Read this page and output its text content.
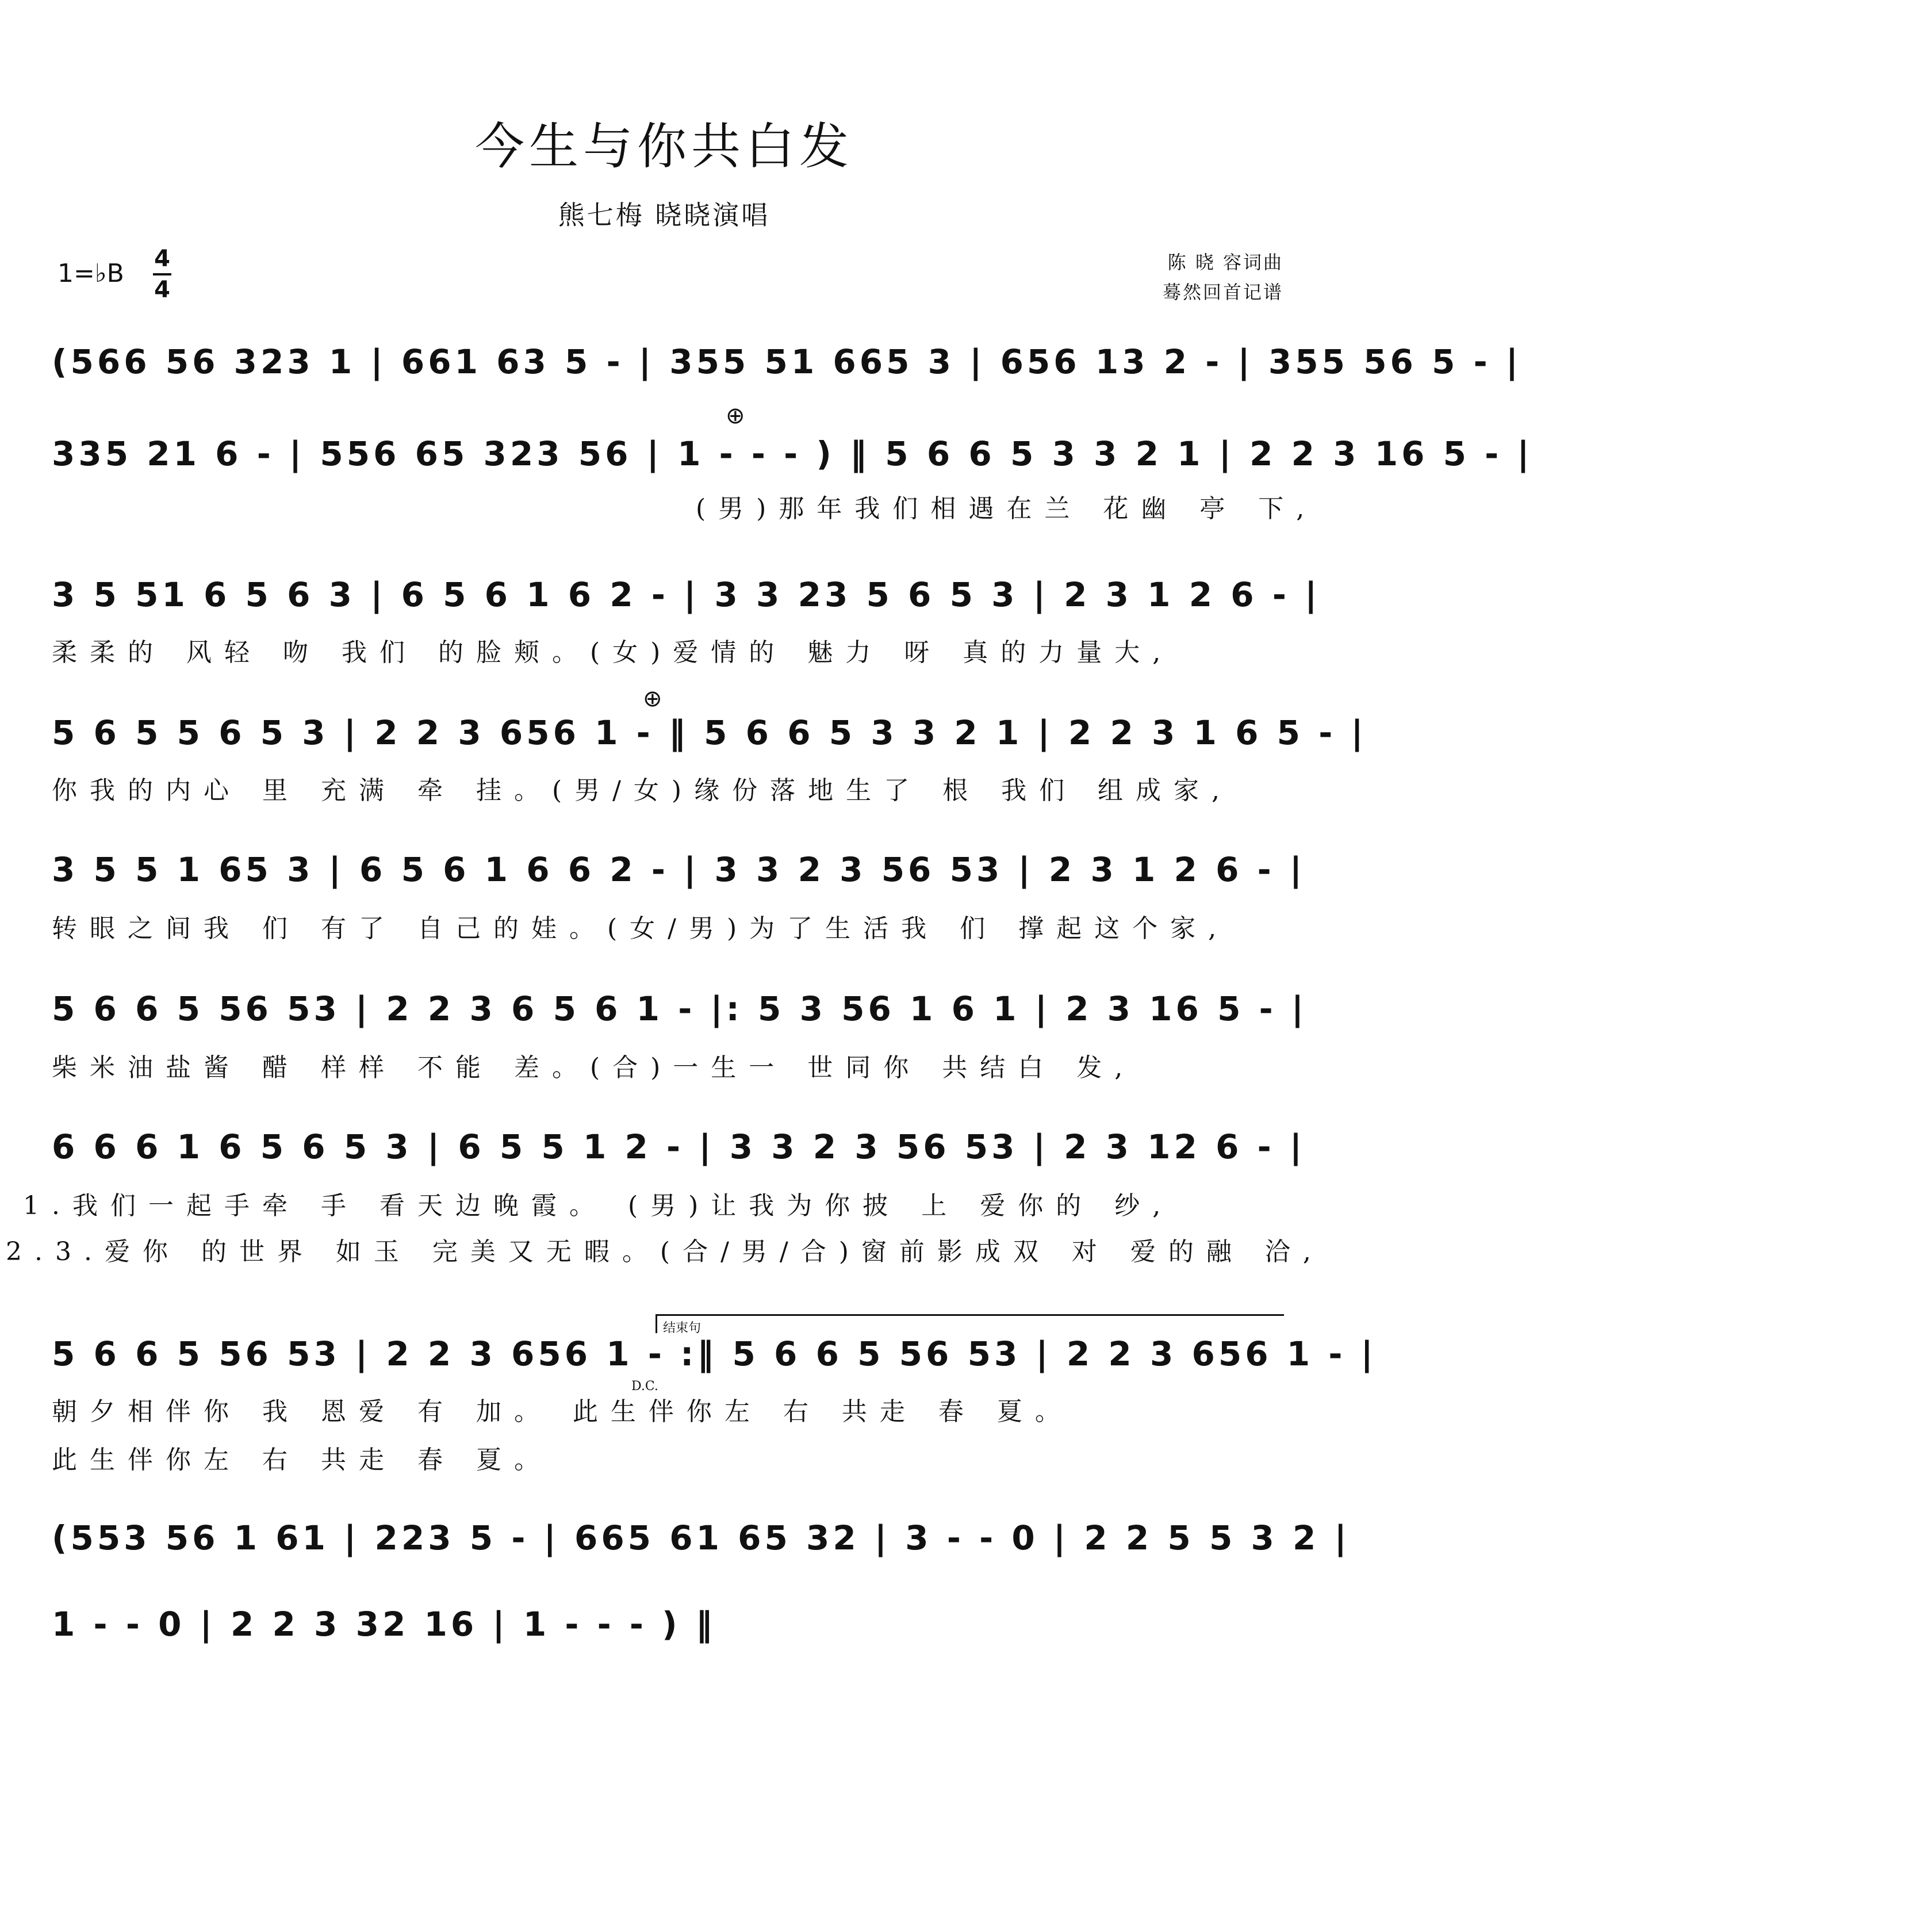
今生与你共白发
熊七梅 晓晓演唱
1=♭B 4
4
陈 晓 容词曲
蓦然回首记谱
(566 56 323 1 | 661 63 5 - | 355 51 665 3 | 656 13 2 - | 355 56 5 - |
335 21 6 - | 556 65 323 56 | 1 - - - ) ‖ 5 6 6 5 3 3 2 1 | 2 2 3 16 5 - |
⊕
(男)那年我们相遇在兰 花幽 亭 下,
3 5 51 6 5 6 3 | 6 5 6 1 6 2 - | 3 3 23 5 6 5 3 | 2 3 1 2 6 - |
柔柔的 风轻 吻 我们 的脸颊。(女)爱情的 魅力 呀 真的力量大,
5 6 5 5 6 5 3 | 2 2 3 656 1 - ‖ 5 6 6 5 3 3 2 1 | 2 2 3 1 6 5 - |
⊕
你我的内心 里 充满 牵 挂。(男/女)缘份落地生了 根 我们 组成家,
3 5 5 1 65 3 | 6 5 6 1 6 6 2 - | 3 3 2 3 56 53 | 2 3 1 2 6 - |
转眼之间我 们 有了 自己的娃。(女/男)为了生活我 们 撑起这个家,
5 6 6 5 56 53 | 2 2 3 6 5 6 1 - |: 5 3 56 1 6 1 | 2 3 16 5 - |
柴米油盐酱 醋 样样 不能 差。(合)一生一 世同你 共结白 发,
6 6 6 1 6 5 6 5 3 | 6 5 5 1 2 - | 3 3 2 3 56 53 | 2 3 12 6 - |
1.我们一起手牵 手 看天边晚霞。 (男)让我为你披 上 爱你的 纱,
2.3.爱你 的世界 如玉 完美又无暇。(合/男/合)窗前影成双 对 爱的融 洽,
结束句
5 6 6 5 56 53 | 2 2 3 656 1 - :‖ 5 6 6 5 56 53 | 2 2 3 656 1 - |
D.C.
朝夕相伴你 我 恩爱 有 加。 此生伴你左 右 共走 春 夏。
此生伴你左 右 共走 春 夏。
(553 56 1 61 | 223 5 - | 665 61 65 32 | 3 - - 0 | 2 2 5 5 3 2 |
1 - - 0 | 2 2 3 32 16 | 1 - - - ) ‖
